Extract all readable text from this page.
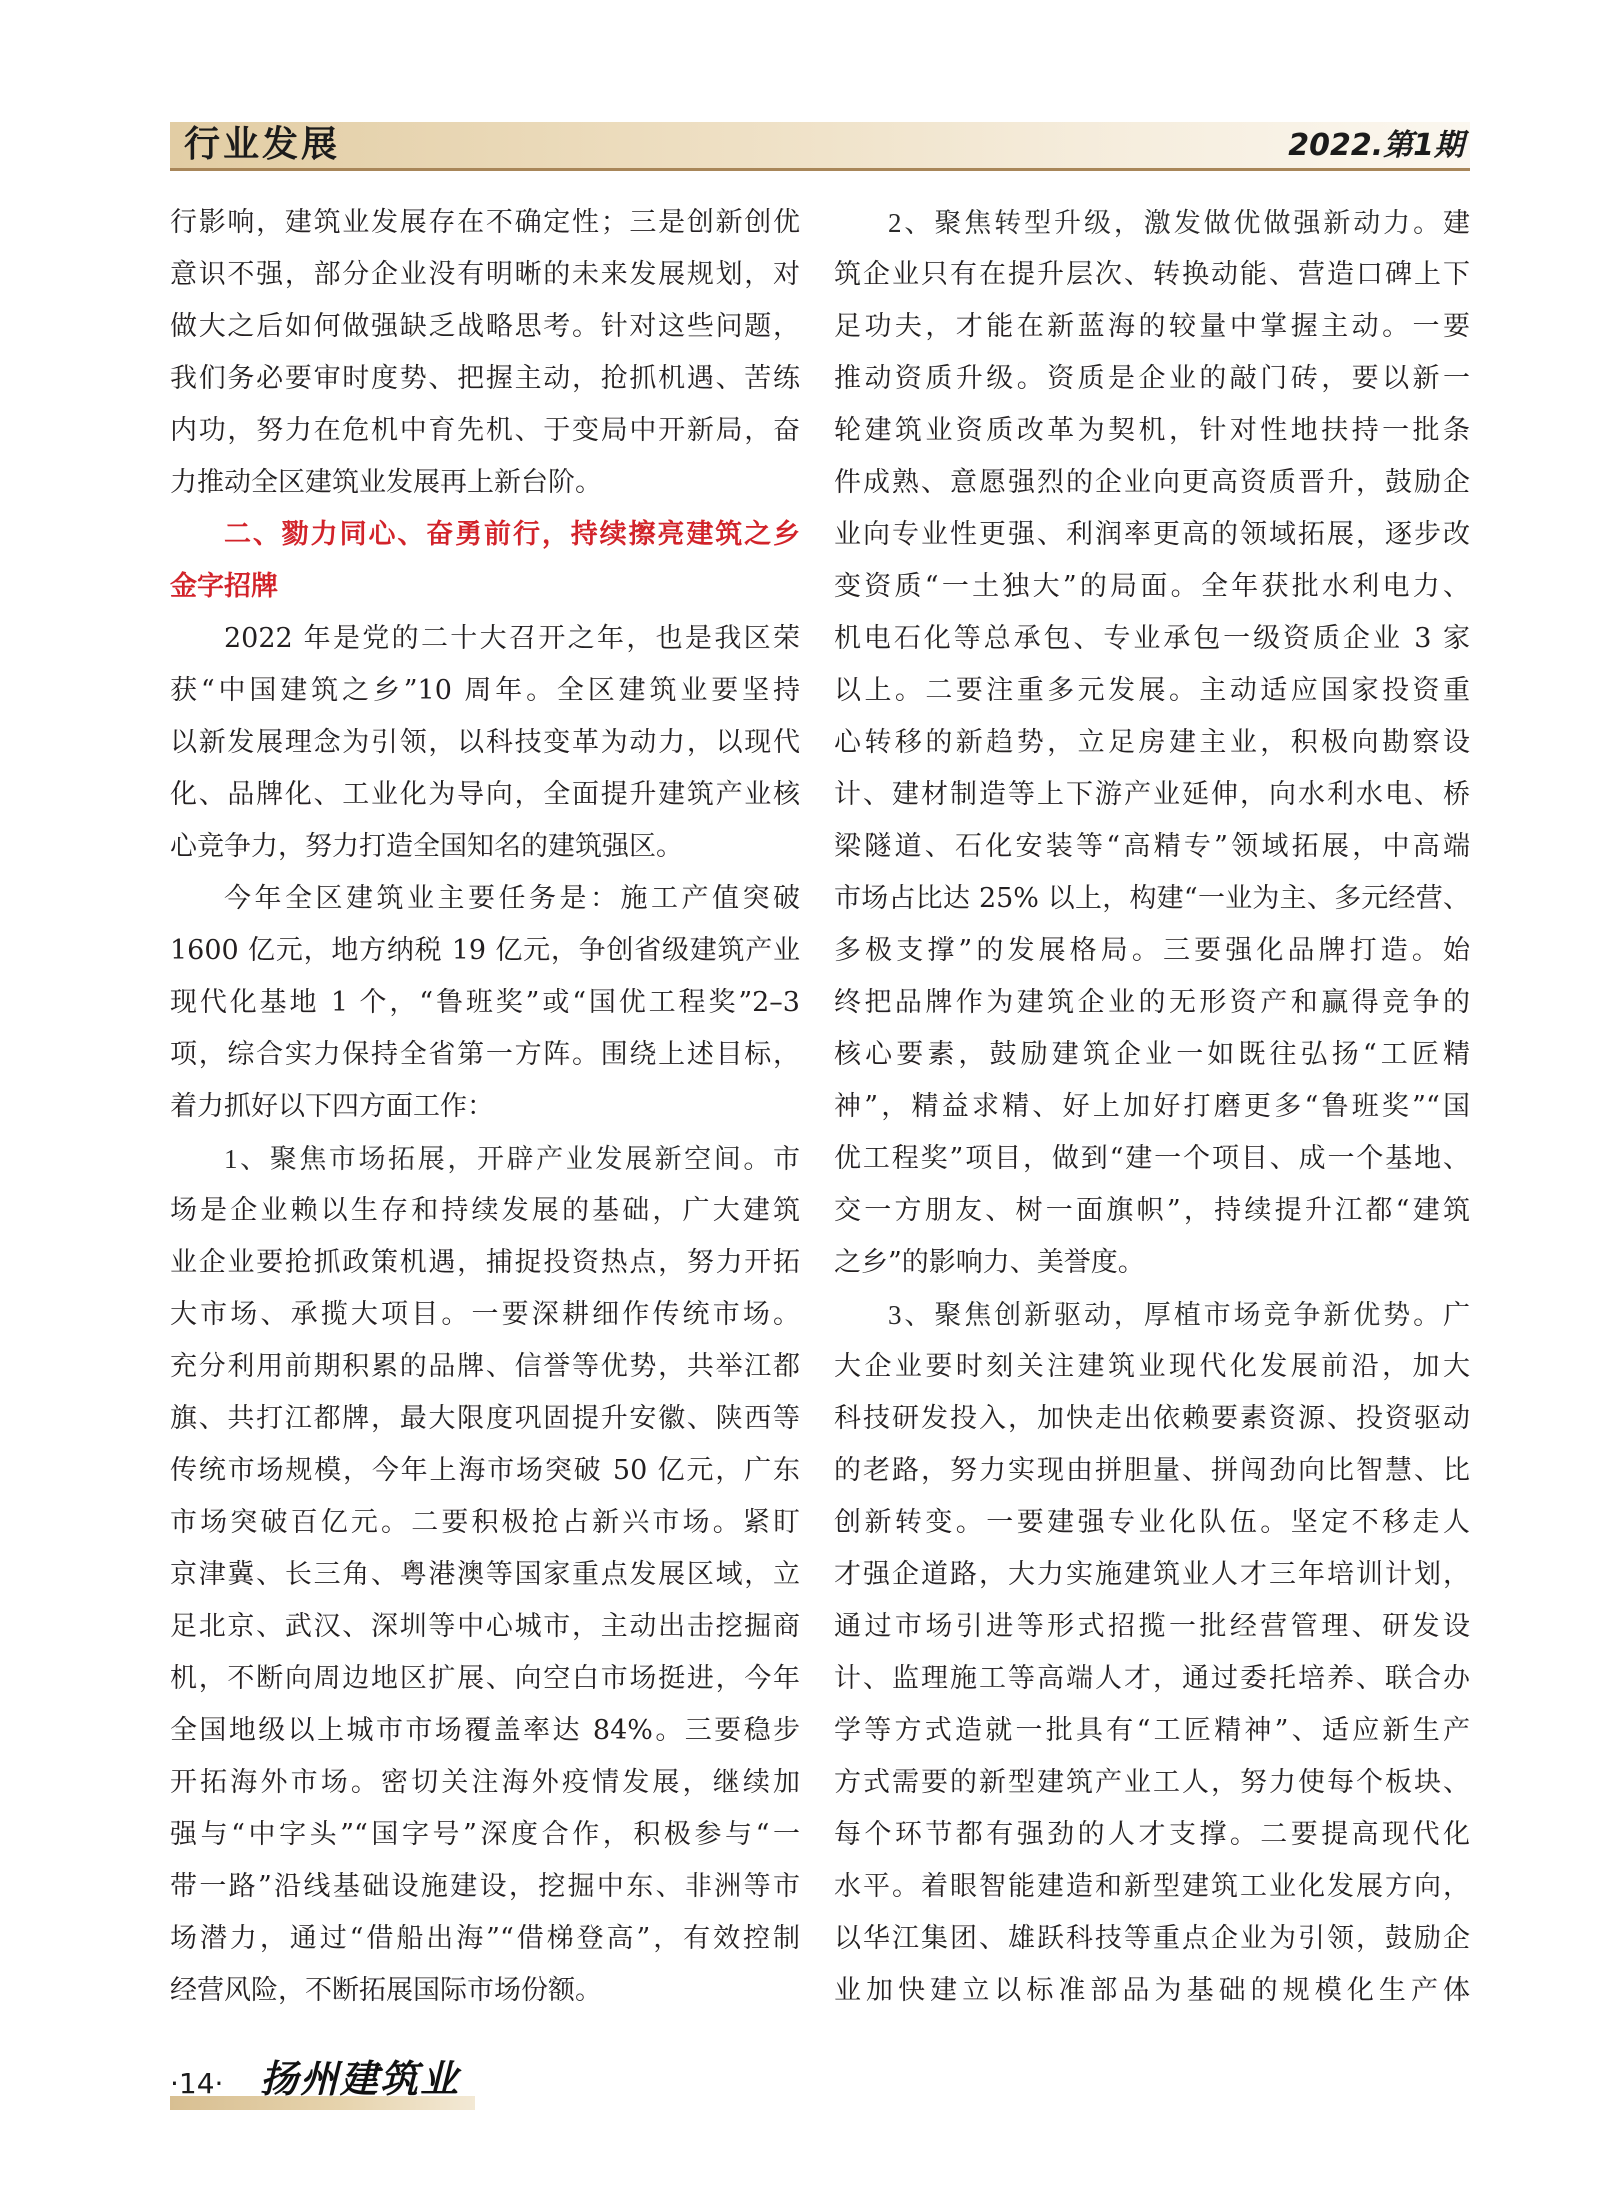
行业发展	2022.第1期
行影响，建筑业发展存在不确定性；三是创新创优
意识不强，部分企业没有明晰的未来发展规划，对
做大之后如何做强缺乏战略思考。针对这些问题，
我们务必要审时度势、把握主动，抢抓机遇、苦练
内功，努力在危机中育先机、于变局中开新局，奋
力推动全区建筑业发展再上新台阶。
二、勠力同心、奋勇前行，持续擦亮建筑之乡
金字招牌
2022 年是党的二十大召开之年，也是我区荣
获“中国建筑之乡”10 周年。全区建筑业要坚持
以新发展理念为引领，以科技变革为动力，以现代
化、品牌化、工业化为导向，全面提升建筑产业核
心竞争力，努力打造全国知名的建筑强区。
今年全区建筑业主要任务是：施工产值突破
1600 亿元，地方纳税 19 亿元，争创省级建筑产业
现代化基地 1 个，“鲁班奖”或“国优工程奖”2–3
项，综合实力保持全省第一方阵。围绕上述目标，
着力抓好以下四方面工作：
1、聚焦市场拓展，开辟产业发展新空间。市
场是企业赖以生存和持续发展的基础，广大建筑
业企业要抢抓政策机遇，捕捉投资热点，努力开拓
大市场、承揽大项目。一要深耕细作传统市场。
充分利用前期积累的品牌、信誉等优势，共举江都
旗、共打江都牌，最大限度巩固提升安徽、陕西等
传统市场规模，今年上海市场突破 50 亿元，广东
市场突破百亿元。二要积极抢占新兴市场。紧盯
京津冀、长三角、粤港澳等国家重点发展区域，立
足北京、武汉、深圳等中心城市，主动出击挖掘商
机，不断向周边地区扩展、向空白市场挺进，今年
全国地级以上城市市场覆盖率达 84%。三要稳步
开拓海外市场。密切关注海外疫情发展，继续加
强与“中字头”“国字号”深度合作，积极参与“一
带一路”沿线基础设施建设，挖掘中东、非洲等市
场潜力，通过“借船出海”“借梯登高”，有效控制
经营风险，不断拓展国际市场份额。
2、聚焦转型升级，激发做优做强新动力。建
筑企业只有在提升层次、转换动能、营造口碑上下
足功夫，才能在新蓝海的较量中掌握主动。一要
推动资质升级。资质是企业的敲门砖，要以新一
轮建筑业资质改革为契机，针对性地扶持一批条
件成熟、意愿强烈的企业向更高资质晋升，鼓励企
业向专业性更强、利润率更高的领域拓展，逐步改
变资质“一土独大”的局面。全年获批水利电力、
机电石化等总承包、专业承包一级资质企业 3 家
以上。二要注重多元发展。主动适应国家投资重
心转移的新趋势，立足房建主业，积极向勘察设
计、建材制造等上下游产业延伸，向水利水电、桥
梁隧道、石化安装等“高精专”领域拓展，中高端
市场占比达 25% 以上，构建“一业为主、多元经营、
多极支撑”的发展格局。三要强化品牌打造。始
终把品牌作为建筑企业的无形资产和赢得竞争的
核心要素，鼓励建筑企业一如既往弘扬“工匠精
神”，精益求精、好上加好打磨更多“鲁班奖”“国
优工程奖”项目，做到“建一个项目、成一个基地、
交一方朋友、树一面旗帜”，持续提升江都“建筑
之乡”的影响力、美誉度。
3、聚焦创新驱动，厚植市场竞争新优势。广
大企业要时刻关注建筑业现代化发展前沿，加大
科技研发投入，加快走出依赖要素资源、投资驱动
的老路，努力实现由拼胆量、拼闯劲向比智慧、比
创新转变。一要建强专业化队伍。坚定不移走人
才强企道路，大力实施建筑业人才三年培训计划，
通过市场引进等形式招揽一批经营管理、研发设
计、监理施工等高端人才，通过委托培养、联合办
学等方式造就一批具有“工匠精神”、适应新生产
方式需要的新型建筑产业工人，努力使每个板块、
每个环节都有强劲的人才支撑。二要提高现代化
水平。着眼智能建造和新型建筑工业化发展方向，
以华江集团、雄跃科技等重点企业为引领，鼓励企
业加快建立以标准部品为基础的规模化生产体
·14· 扬州建筑业
